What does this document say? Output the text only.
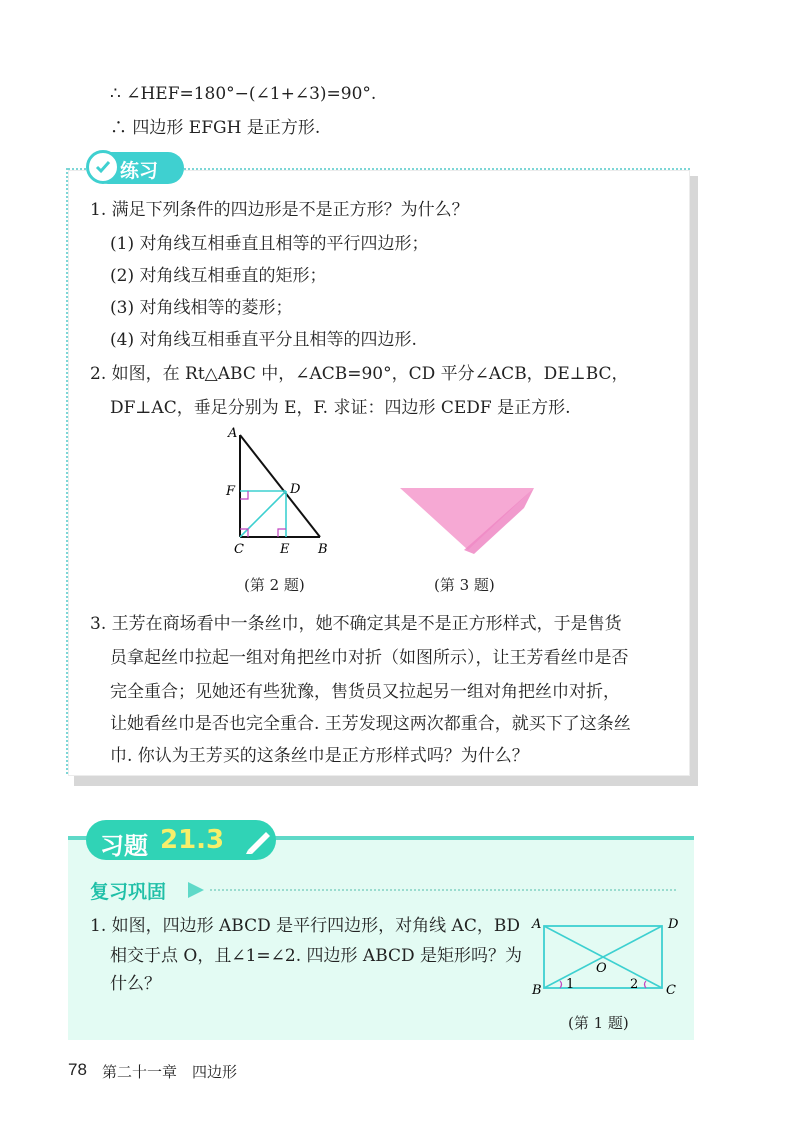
∴ ∠HEF=180°−(∠1+∠3)=90°.
∴ 四边形 EFGH 是正方形.
练习
1. 满足下列条件的四边形是不是正方形？为什么？
(1) 对角线互相垂直且相等的平行四边形；
(2) 对角线互相垂直的矩形；
(3) 对角线相等的菱形；
(4) 对角线互相垂直平分且相等的四边形.
2. 如图，在 Rt△ABC 中，∠ACB=90°，CD 平分∠ACB，DE⊥BC，
DF⊥AC，垂足分别为 E，F. 求证：四边形 CEDF 是正方形.
A
F	D
C	E B
(第 2 题)	(第 3 题)
3. 王芳在商场看中一条丝巾，她不确定其是不是正方形样式，于是售货
员拿起丝巾拉起一组对角把丝巾对折（如图所示），让王芳看丝巾是否
完全重合；见她还有些犹豫，售货员又拉起另一组对角把丝巾对折，
让她看丝巾是否也完全重合. 王芳发现这两次都重合，就买下了这条丝
巾. 你认为王芳买的这条丝巾是正方形样式吗？为什么？
习题 21.3
复习巩固
1. 如图，四边形 ABCD 是平行四边形，对角线 AC，BD
相交于点 O，且∠1=∠2. 四边形 ABCD 是矩形吗？为
什么？
A	D
O
B	C
1	2
(第 1 题)
78 第二十一章　四边形
